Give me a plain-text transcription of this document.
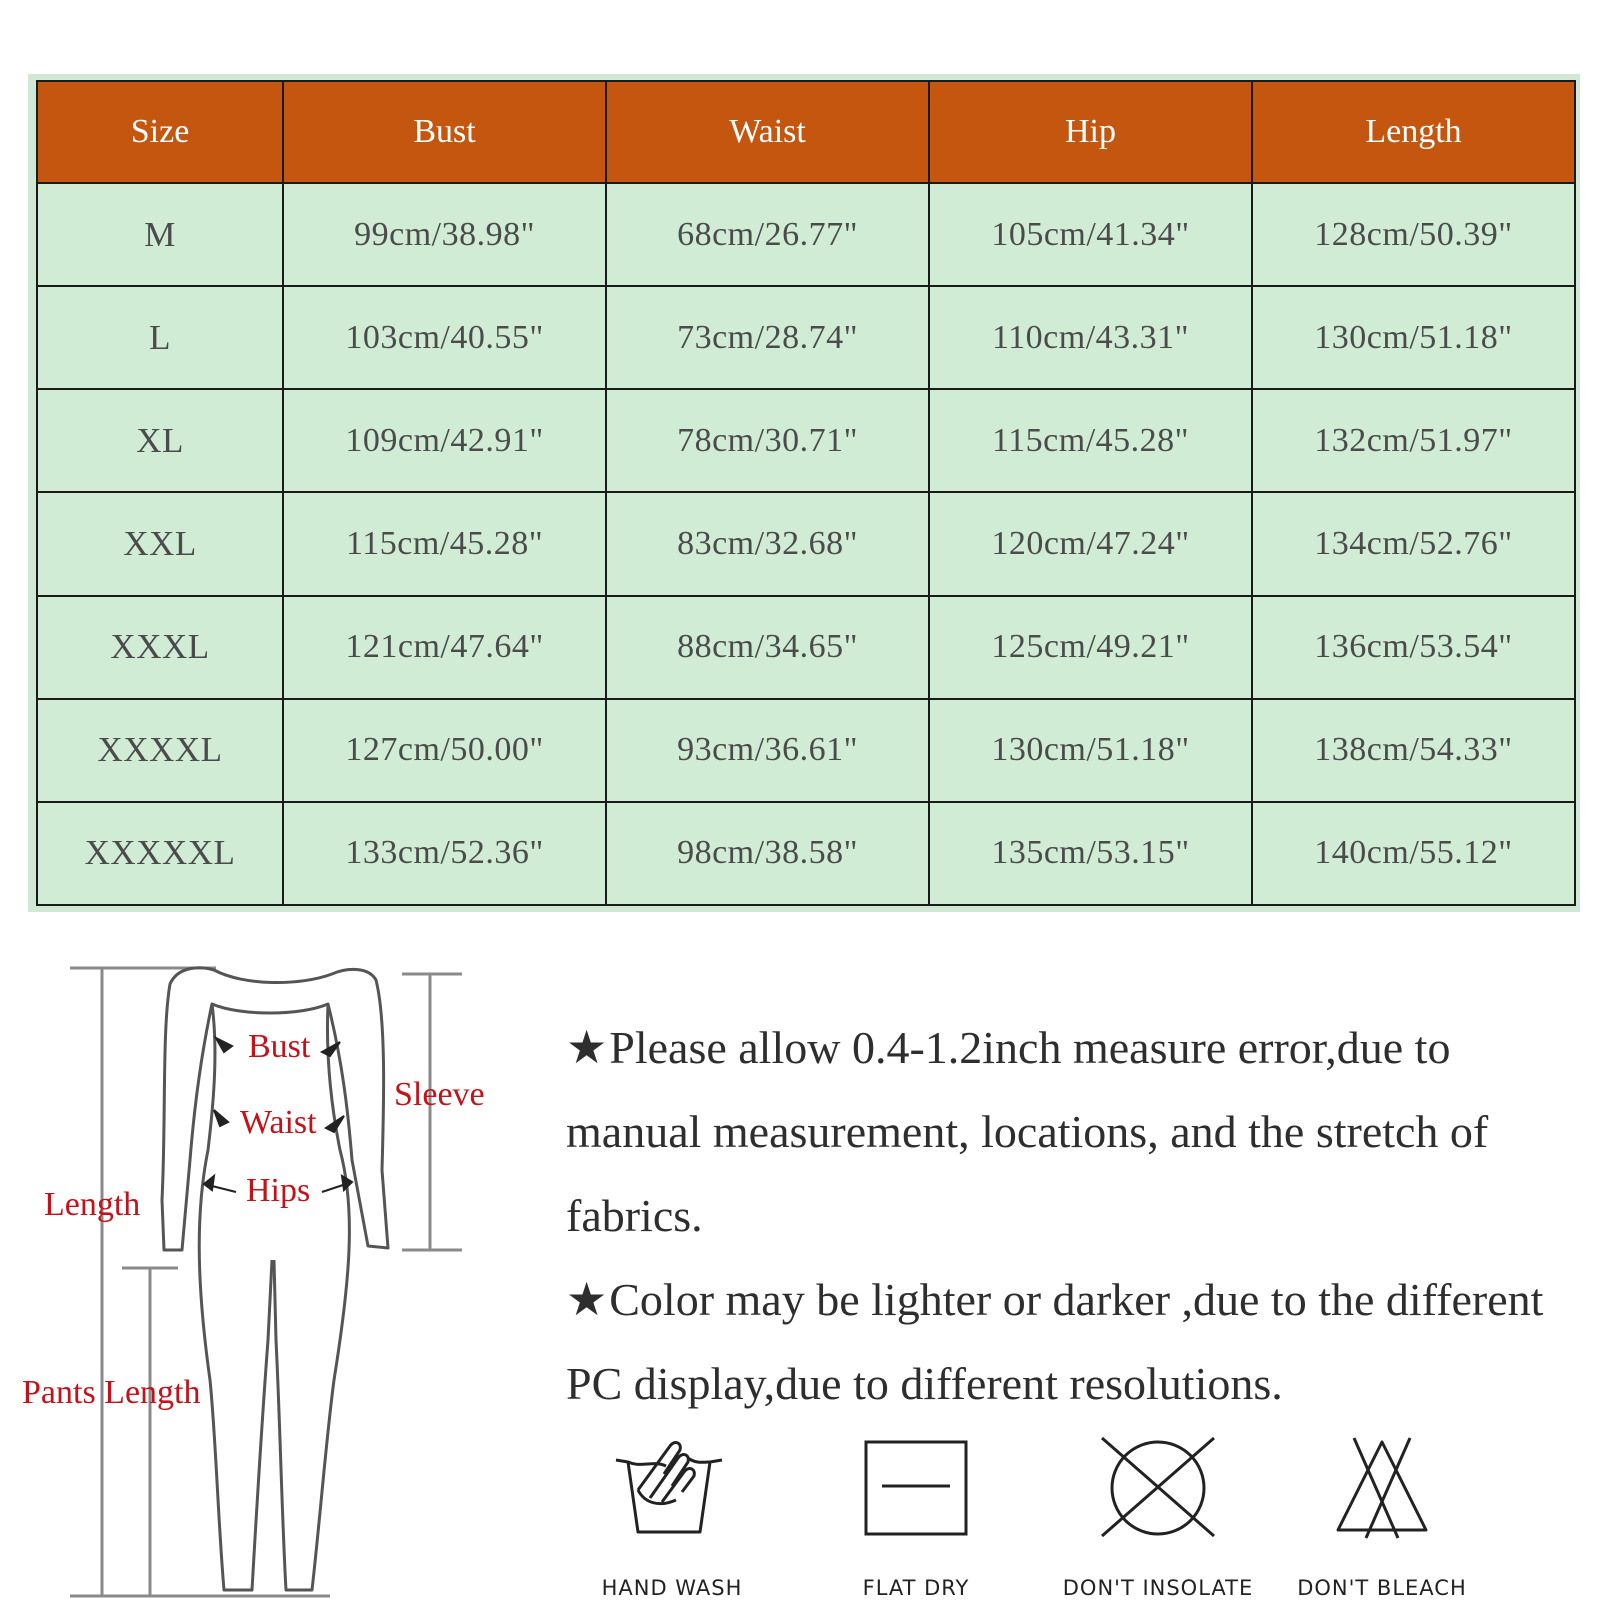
Size	Bust	Waist	Hip	Length
M	99cm/38.98"	68cm/26.77"	105cm/41.34"	128cm/50.39"
L	103cm/40.55"	73cm/28.74"	110cm/43.31"	130cm/51.18"
XL	109cm/42.91"	78cm/30.71"	115cm/45.28"	132cm/51.97"
XXL	115cm/45.28"	83cm/32.68"	120cm/47.24"	134cm/52.76"
XXXL	121cm/47.64"	88cm/34.65"	125cm/49.21"	136cm/53.54"
XXXXL	127cm/50.00"	93cm/36.61"	130cm/51.18"	138cm/54.33"
XXXXXL	133cm/52.36"	98cm/38.58"	135cm/53.15"	140cm/55.12"
Bust
Waist
Hips
Sleeve
Length
Pants Length

★Please allow 0.4-1.2inch measure error,due to manual measurement, locations, and the stretch of fabrics.

★Color may be lighter or darker ,due to the different PC display,due to different resolutions.

HAND WASH	FLAT DRY	DON'T INSOLATE	DON'T BLEACH
